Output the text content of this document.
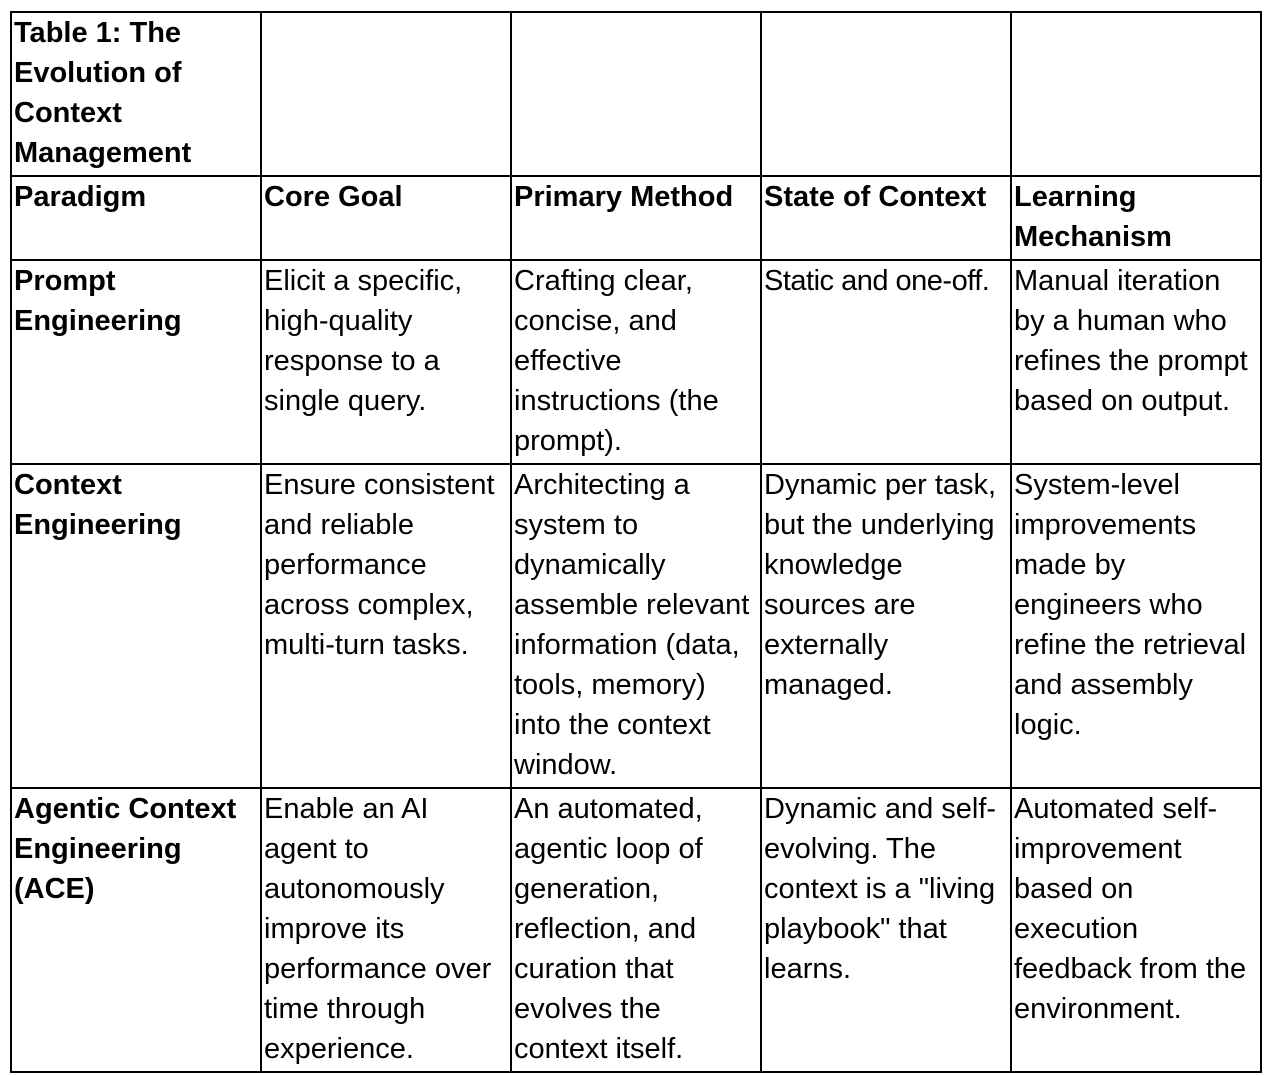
Table 1: The Evolution of Context Management				
Paradigm	Core Goal	Primary Method	State of Context	Learning Mechanism
Prompt Engineering	Elicit a specific, high-quality response to a single query.	Crafting clear, concise, and effective instructions (the prompt).	Static and one-off.	Manual iteration by a human who refines the prompt based on output.
Context Engineering	Ensure consistent and reliable performance across complex, multi-turn tasks.	Architecting a system to dynamically assemble relevant information (data, tools, memory) into the context window.	Dynamic per task, but the underlying knowledge sources are externally managed.	System-level improvements made by engineers who refine the retrieval and assembly logic.
Agentic Context Engineering (ACE)	Enable an AI agent to autonomously improve its performance over time through experience.	An automated, agentic loop of generation, reflection, and curation that evolves the context itself.	Dynamic and self-evolving. The context is a "living playbook" that learns.	Automated self-improvement based on execution feedback from the environment.
